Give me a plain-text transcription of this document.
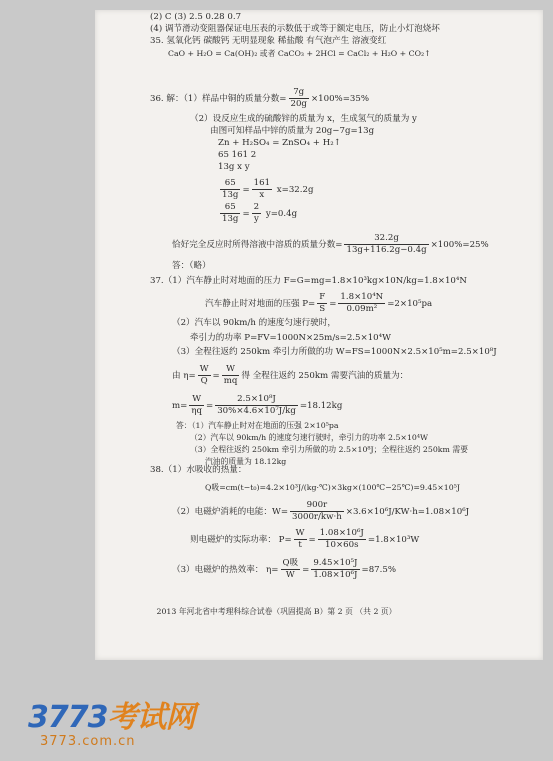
(2) C (3) 2.5 0.28 0.7
(4) 调节滑动变阻器保证电压表的示数低于或等于额定电压，防止小灯泡烧坏
35. 氢氧化钙 碳酸钙 无明显现象 稀盐酸 有气泡产生 溶液变红
CaO + H₂O = Ca(OH)₂ 或者 CaCO₃ + 2HCl = CaCl₂ + H₂O + CO₂↑
36. 解：（1）样品中铜的质量分数= $\frac{7g}{20g} \times 100\%=35\%$
（2）设反应生成的硫酸锌的质量为 x，生成氢气的质量为 y
由图可知样品中锌的质量为 20g−7g=13g
Zn + H₂SO₄ = ZnSO₄ + H₂↑
65 161 2
13g x y
$\frac{65}{13g} = \frac{161}{x} x=32.2g$
$\frac{65}{13g} = \frac{2}{y} y=0.4g$
恰好完全反应时所得溶液中溶质的质量分数= $\frac{32.2g}{13g+116.2g-0.4g} \times 100\%=25\%$
答：（略）
37.（1）汽车静止时对地面的压力 F=G=mg=1.8×10³kg×10N/kg=1.8×10⁴N
汽车静止时对地面的压强 $P= \frac{F}{S} = \frac{\text{1.8×10⁴N}}{\text{0.09m²}} =2\times 10^5pa$
（2）汽车以 90km/h 的速度匀速行驶时，
牵引力的功率 P=FV=1000N×25m/s=2.5×10⁴W
（3）全程往返约 250km 牵引力所做的功 W=FS=1000N×2.5×10⁵m=2.5×10⁸J
由 $\eta= \frac{W}{Q} = \frac{W}{mq}$ 得 全程往返约 250km 需要汽油的质量为：
$m= \frac{W}{\eta q} = \frac{\text{2.5×10⁸J}}{\text{30\%×4.6×10⁷J/kg}} =18.12kg$
答：（1）汽车静止时对在地面的压强 2×10⁵pa
（2）汽车以 90km/h 的速度匀速行驶时，牵引力的功率 2.5×10⁴W
（3）全程往返约 250km 牵引力所做的功 2.5×10⁸J；全程往返约 250km 需要
汽油的质量为 18.12kg
38.（1）水吸收的热量：
Q吸=cm(t−t₀)=4.2×10³J/(kg·℃)×3kg×(100℃−25℃)=9.45×10⁵J
（2）电磁炉消耗的电能：$W= \frac{900r}{3000r/kw\cdot h} \times 3.6\times 10^6J/KW\cdot h=1.08\times 10^6J$
则电磁炉的实际功率： $P= \frac{W}{t} = \frac{\text{1.08×10⁶J}}{10\times 60s} =1.8\times 10^3W$
（3）电磁炉的热效率： $\eta= \frac{\text{Q吸}}{W} = \frac{\text{9.45×10⁵J}}{\text{1.08×10⁶J}} =87.5\%$
2013 年河北省中考理科综合试卷（巩固提高 B）第 2 页 （共 2 页）
3773考试网
3773.com.cn
